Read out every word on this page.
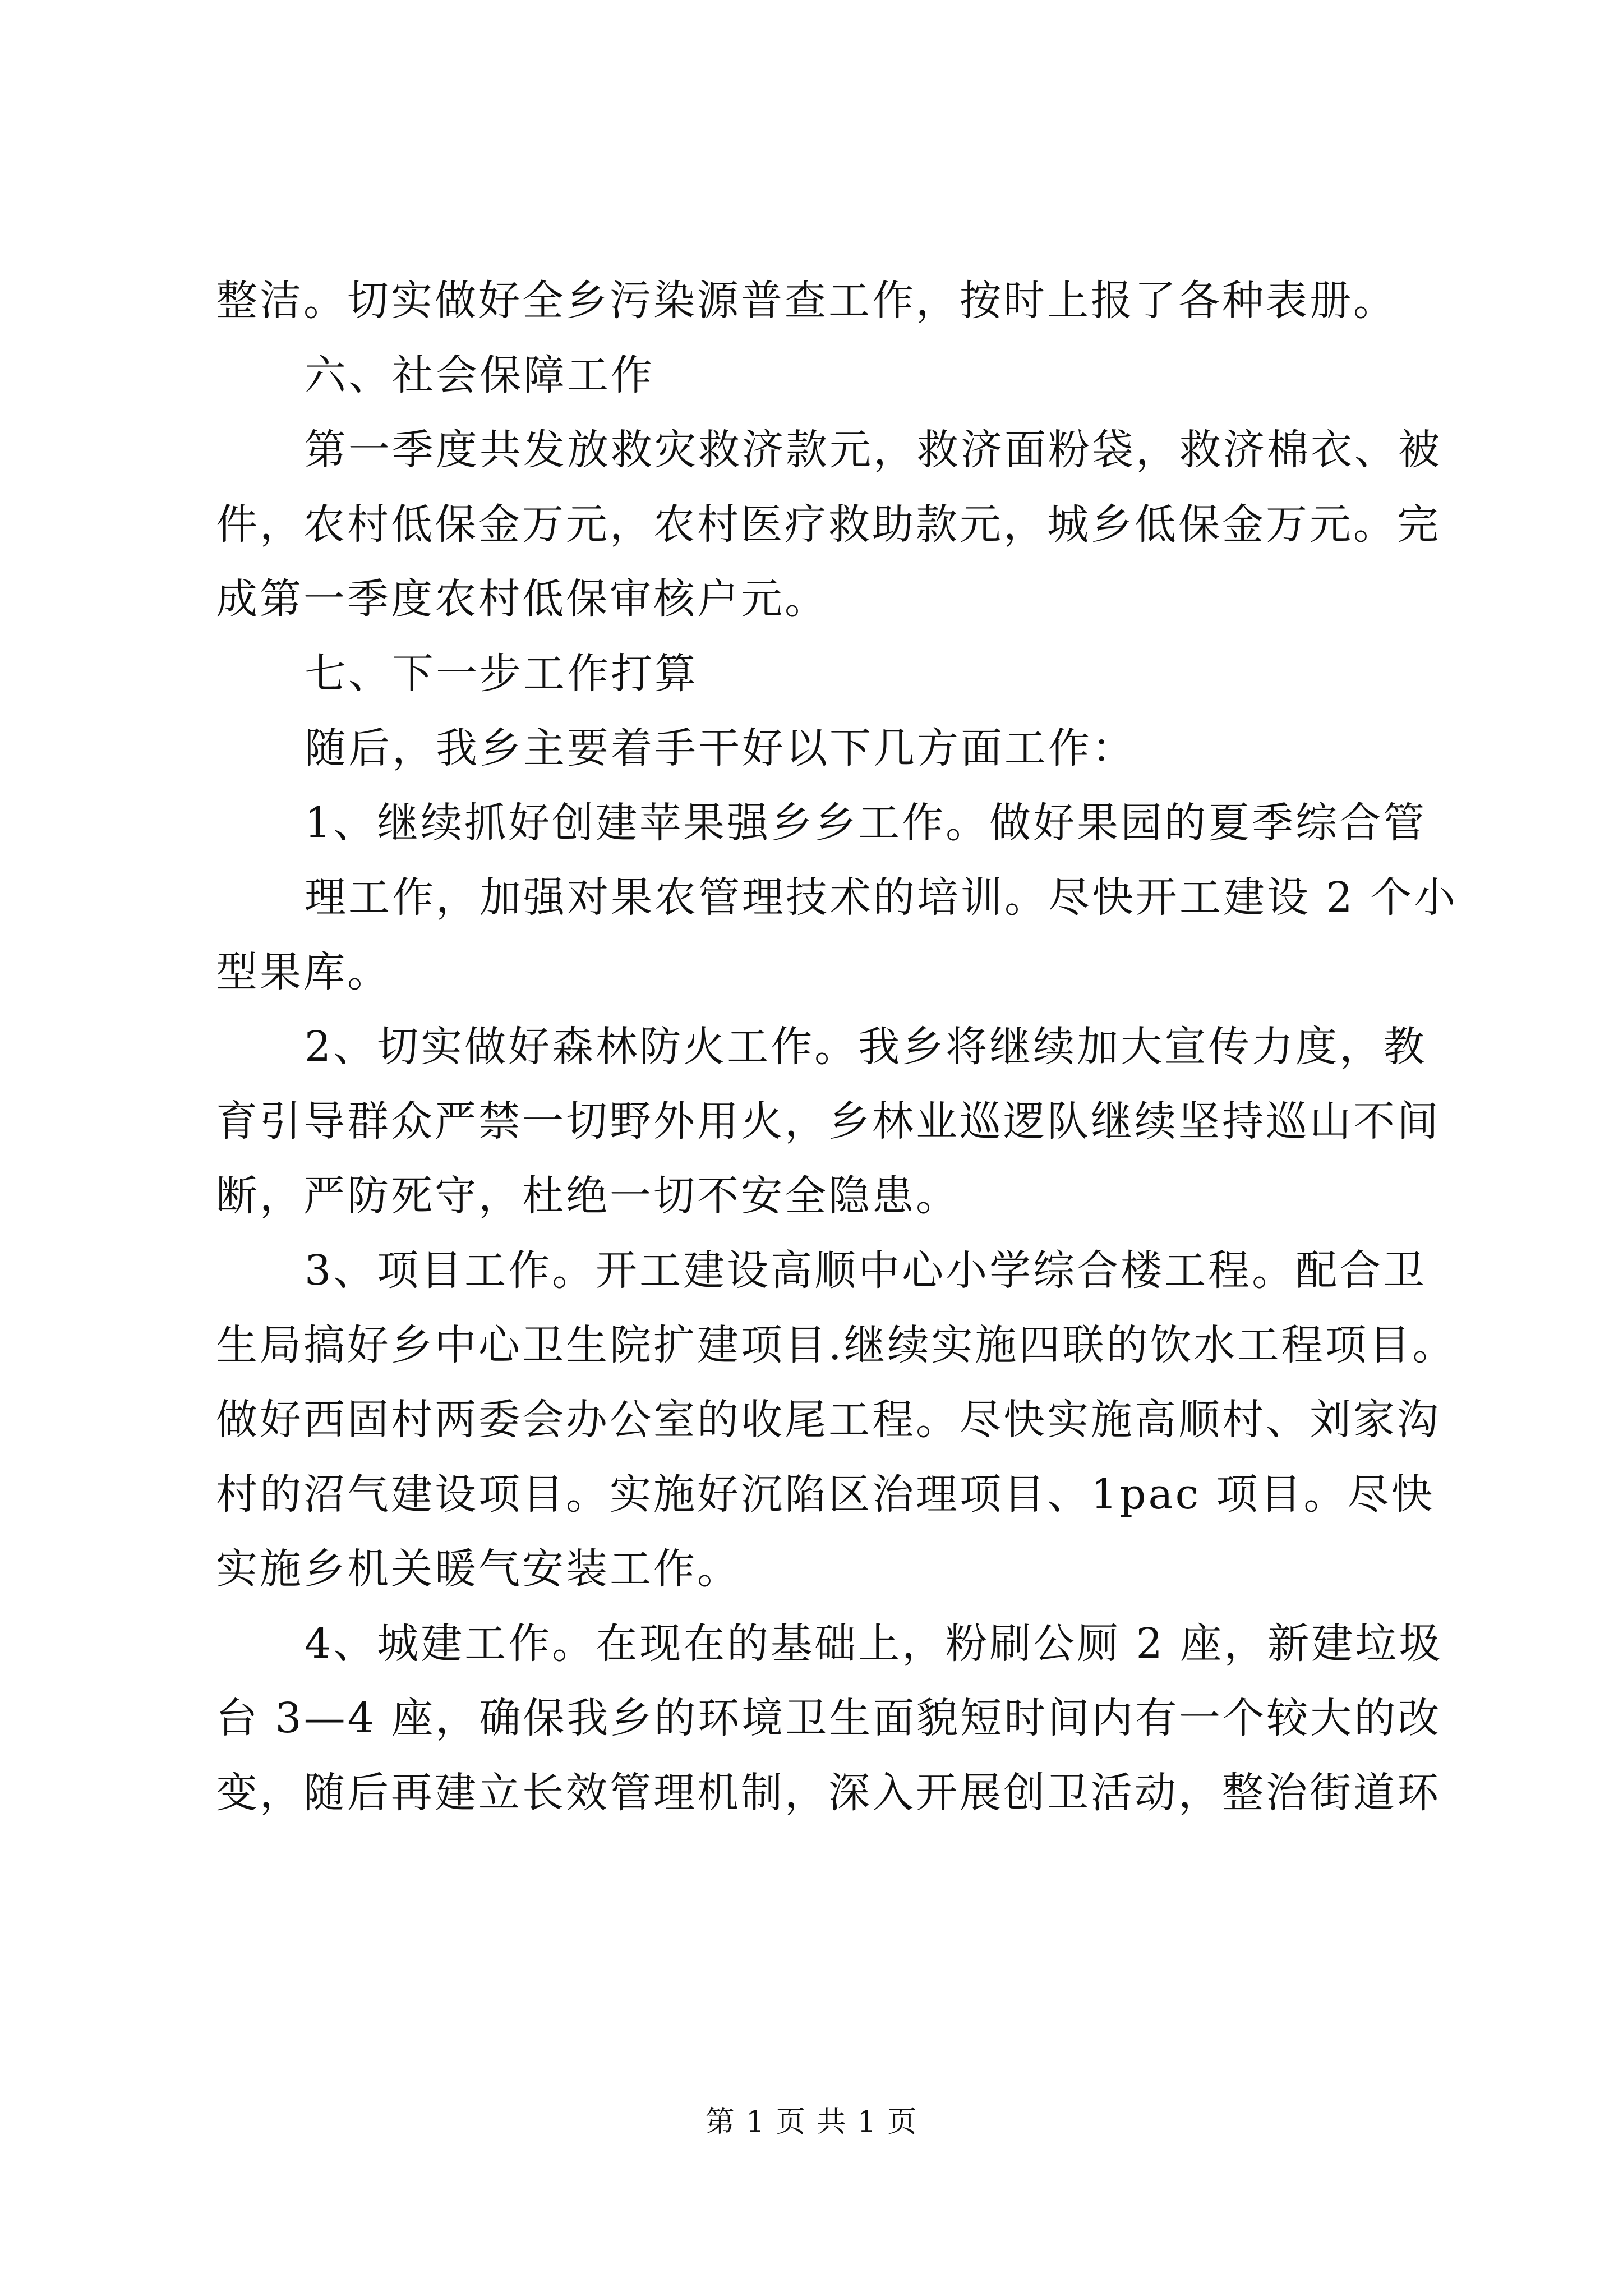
整洁。切实做好全乡污染源普查工作，按时上报了各种表册。
六、社会保障工作
第一季度共发放救灾救济款元，救济面粉袋，救济棉衣、被
件，农村低保金万元，农村医疗救助款元，城乡低保金万元。完
成第一季度农村低保审核户元。
七、下一步工作打算
随后，我乡主要着手干好以下几方面工作：
1、继续抓好创建苹果强乡乡工作。做好果园的夏季综合管
理工作，加强对果农管理技术的培训。尽快开工建设 2 个小
型果库。
2、切实做好森林防火工作。我乡将继续加大宣传力度，教
育引导群众严禁一切野外用火，乡林业巡逻队继续坚持巡山不间
断，严防死守，杜绝一切不安全隐患。
3、项目工作。开工建设高顺中心小学综合楼工程。配合卫
生局搞好乡中心卫生院扩建项目.继续实施四联的饮水工程项目。
做好西固村两委会办公室的收尾工程。尽快实施高顺村、刘家沟
村的沼气建设项目。实施好沉陷区治理项目、1pac 项目。尽快
实施乡机关暖气安装工作。
4、城建工作。在现在的基础上，粉刷公厕 2 座，新建垃圾
台 3—4 座，确保我乡的环境卫生面貌短时间内有一个较大的改
变，随后再建立长效管理机制，深入开展创卫活动，整治街道环
第 1 页 共 1 页
